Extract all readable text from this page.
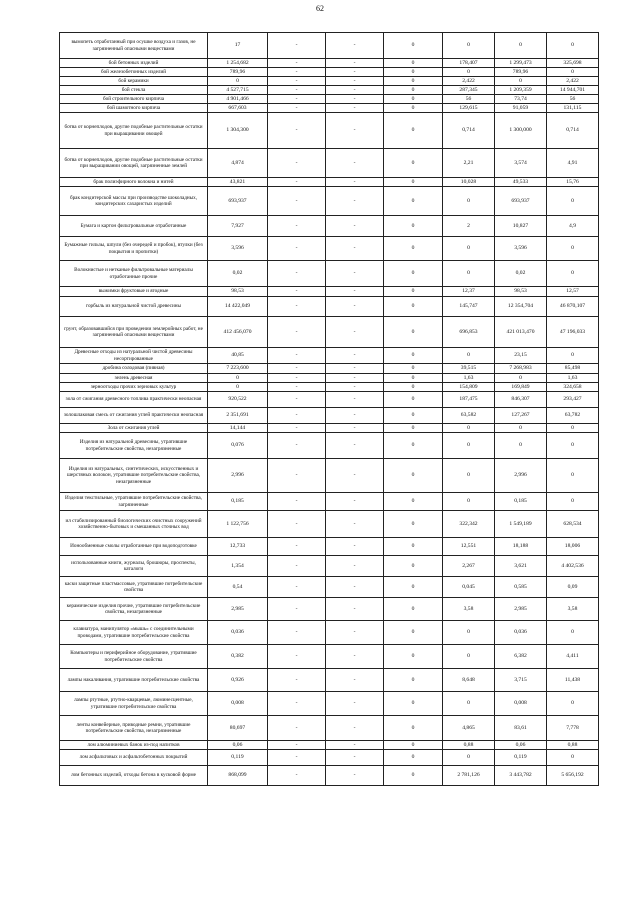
62
вымопеть отработанный при осушке воздуха и газов, не загрязненный опасными веществами	17	-	-	0	0	0	0
бой бетонных изделий	1 254,682	-	-	0	178,407	1 299,473	325,698
бой железобетонных изделий	789,96	-	-	0	0	789,96	0
бой керамики	0	-	-	0	2,422	0	2,422
бой стекла	4 527,715	-	-	0	287,345	1 209,359	14 944,701
бой строительного кирпича	4 901,466	-	-	0	56	73,74	56
бой шамотного кирпича	667,603	-	-	0	129,615	91,059	131,115
ботва от корнеплодов, другие подобные растительные остатки при выращивании овощей	1 304,300	-	-	0	0,714	1 300,000	0,714
ботва от корнеплодов, другие подобные растительные остатки при выращивании овощей, загрязненные землей	4,874	-	-	0	2,21	3,574	4,91
брак полиэфирного волокна и нитей	43,821	-	-	0	10,028	49,533	15,76
брак кондитерской массы при производстве шоколадных, кондитерских сахаристых изделий	693,937	-	-	0	0	693,937	0
Бумага и картон фильтровальные отработанные	7,927	-	-	0	2	10,827	4,9
Бумажные гильзы, шпули (без очередей и пробок), втулки (без покрытия и пропитки)	3,596	-	-	0	0	3,596	0
Волокнистые и нетканые фильтровальные материалы отработанные прочие	0,02	-	-	0	0	0,02	0
выжимки фруктовые и ягодные	98,53	-	-	0	12,37	98,53	12,57
горбыль из натуральной чистой древесины	14 422,049	-	-	0	145,747	12 354,704	46 870,107
грунт, образовавшийся при проведении землеройных работ, не загрязненный опасными веществами	412 456,070	-	-	0	696,853	421 013,470	47 196,033
Древесные отходы из натуральной чистой древесины несортированные	40,85	-	-	0	0	23,15	0
дробина солодовая (пивная)	7 223,600	-	-	0	39,515	7 268,983	85,498
зелень древесная	0	-	-	0	1,63	0	1,63
зерноотходы прочих зерновых культур	0	-	-	0	154,809	169,849	324,658
зола от сжигания древесного топлива практически неопасная	920,522	-	-	0	187,475	846,307	293,427
золошлаковая смесь от сжигания углей практически неопасная	2 351,691	-	-	0	63,582	127,267	63,782
Зола от сжигания углей	14,144	-	-	0	0	0	0
Изделия из натуральной древесины, утратившие потребительские свойства, незагрязненные	0,076	-	-	0	0	0	0
Изделия из натуральных, синтетических, искусственных и шерстяных волокон, утратившие потребительские свойства, незагрязненные	2,996	-	-	0	0	2,996	0
Изделия текстильные, утратившие потребительские свойства, загрязненные	0,185	-	-	0	0	0,185	0
ил стабилизированный биологических очистных сооружений хозяйственно-бытовых и смешанных сточных вод	1 122,756	-	-	0	322,342	1 549,189	628,534
Ионообменные смолы отработанные при водоподготовке	12,733	-	-	0	12,551	18,188	18,006
использованные книги, журналы, брошюры, проспекты, каталоги	1,354	-	-	0	2,267	3,621	4 402,536
каски защитные пластмассовые, утратившие потребительские свойства	0,54	-	-	0	0,045	0,585	0,09
керамические изделия прочие, утратившие потребительские свойства, незагрязненные	2,985	-	-	0	3,58	2,985	3,58
клавиатура, манипулятор «мышь» с соединительными проводами, утратившие потребительские свойства	0,036	-	-	0	0	0,036	0
Компьютеры и периферийное оборудование, утратившие потребительские свойства	0,382	-	-	0	0	6,382	4,411
лампы накаливания, утратившие потребительские свойства	0,926	-	-	0	8,648	3,715	11,438
лампы ртутные, ртутно-кварцевые, люминесцентные, утратившие потребительские свойства	0,008	-	-	0	0	0,008	0
ленты конвейерные, приводные ремни, утратившие потребительские свойства, незагрязненные	80,697	-	-	0	4,865	83,61	7,778
лом алюминиевых банок из-под напитков	0,06	-	-	0	0,88	0,06	0,88
лом асфальтовых и асфальтобетонных покрытий	0,119	-	-	0	0	0,119	0
лом бетонных изделий, отходы бетона в кусковой форме	868,099	-	-	0	2 781,126	3 443,782	5 656,192
